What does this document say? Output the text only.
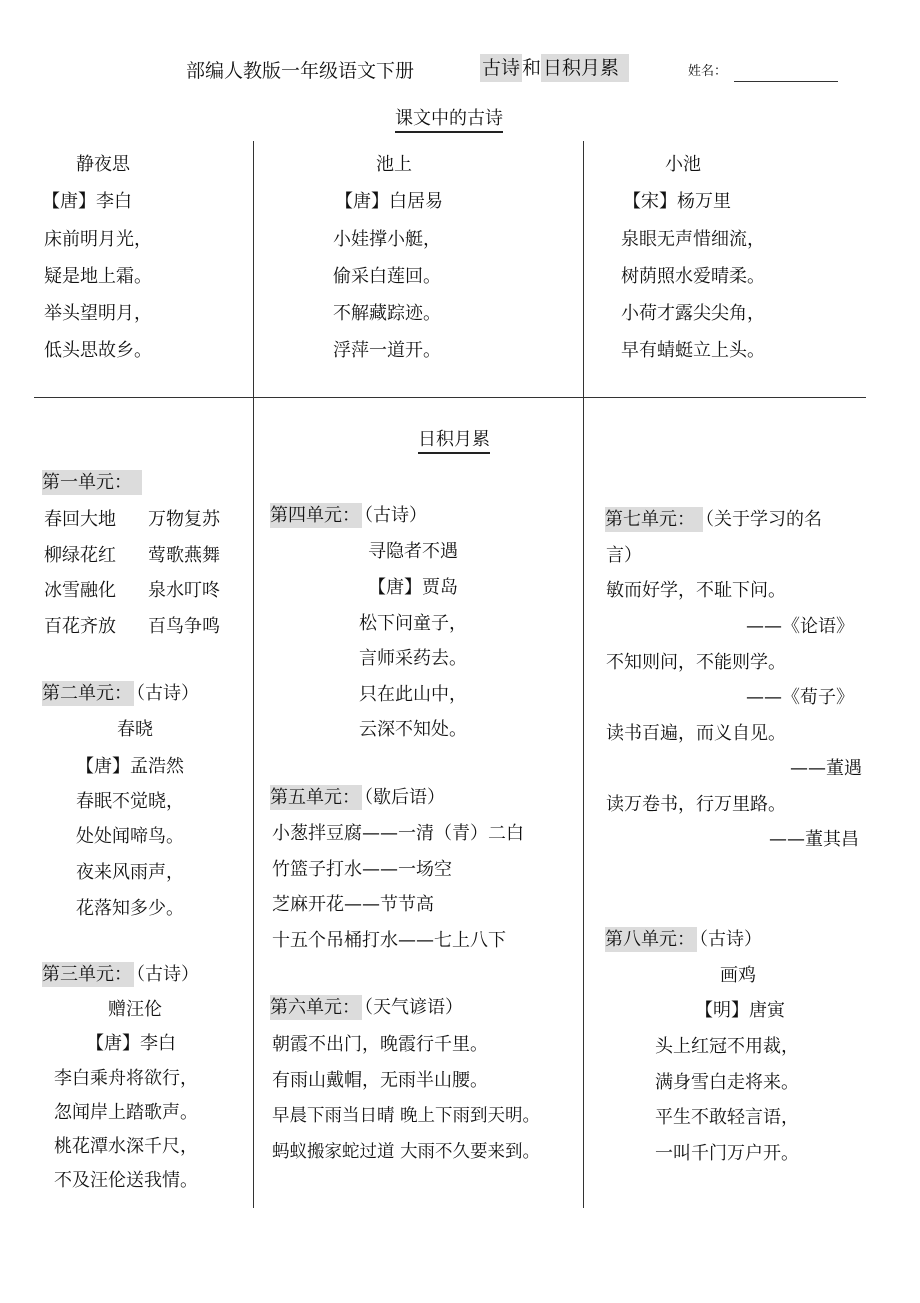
部编人教版一年级语文下册	古诗 和 日积月累	姓名：
课文中的古诗
静夜思
【唐】李白
床前明月光，
疑是地上霜。
举头望明月，
低头思故乡。
池上
【唐】白居易
小娃撑小艇，
偷采白莲回。
不解藏踪迹。
浮萍一道开。
小池
【宋】杨万里
泉眼无声惜细流，
树荫照水爱晴柔。
小荷才露尖尖角，
早有蜻蜓立上头。
日积月累
第一单元：
春回大地 万物复苏
柳绿花红 莺歌燕舞
冰雪融化 泉水叮咚
百花齐放 百鸟争鸣
第二单元： （古诗）
春晓
【唐】孟浩然
春眠不觉晓，
处处闻啼鸟。
夜来风雨声，
花落知多少。
第三单元： （古诗）
赠汪伦
【唐】李白
李白乘舟将欲行，
忽闻岸上踏歌声。
桃花潭水深千尺，
不及汪伦送我情。
第四单元： （古诗）
寻隐者不遇
【唐】贾岛
松下问童子，
言师采药去。
只在此山中，
云深不知处。
第五单元： （歇后语）
小葱拌豆腐——一清（青）二白
竹篮子打水——一场空
芝麻开花——节节高
十五个吊桶打水——七上八下
第六单元： （天气谚语）
朝霞不出门，晚霞行千里。
有雨山戴帽，无雨半山腰。
早晨下雨当日晴 晚上下雨到天明。
蚂蚁搬家蛇过道 大雨不久要来到。
第七单元： （关于学习的名
言）
敏而好学，不耻下问。
——《论语》
不知则问，不能则学。
——《荀子》
读书百遍，而义自见。
——董遇
读万卷书，行万里路。
——董其昌
第八单元： （古诗）
画鸡
【明】唐寅
头上红冠不用裁，
满身雪白走将来。
平生不敢轻言语，
一叫千门万户开。
